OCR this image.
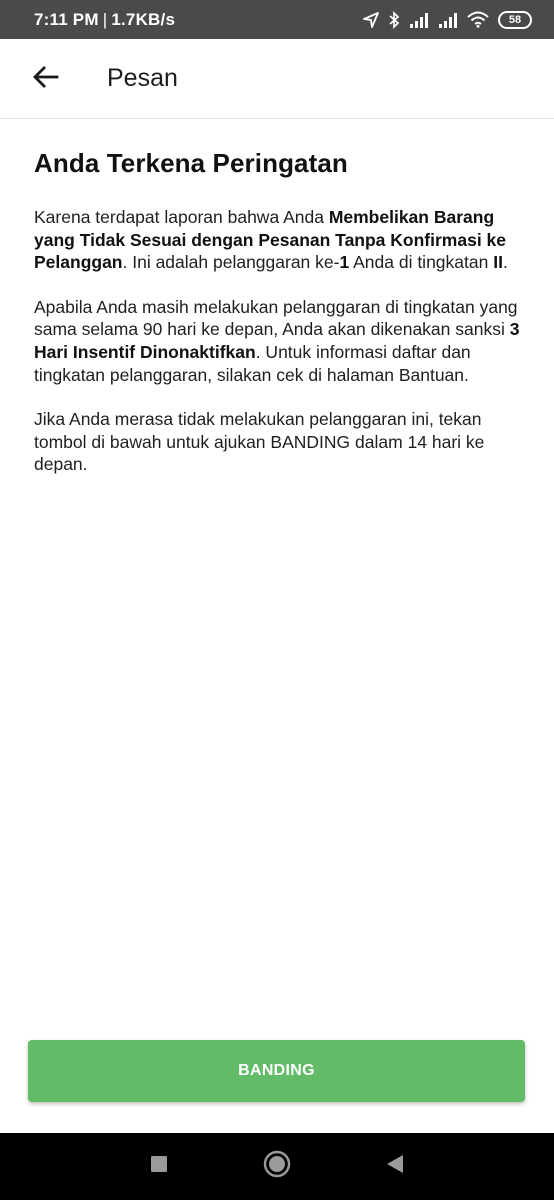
7:11 PM | 1.7KB/s	58
Pesan
Anda Terkena Peringatan

Karena terdapat laporan bahwa Anda Membelikan Barang yang Tidak Sesuai dengan Pesanan Tanpa Konfirmasi ke Pelanggan. Ini adalah pelanggaran ke-1 Anda di tingkatan II.

Apabila Anda masih melakukan pelanggaran di tingkatan yang sama selama 90 hari ke depan, Anda akan dikenakan sanksi 3 Hari Insentif Dinonaktifkan. Untuk informasi daftar dan tingkatan pelanggaran, silakan cek di halaman Bantuan.

Jika Anda merasa tidak melakukan pelanggaran ini, tekan tombol di bawah untuk ajukan BANDING dalam 14 hari ke depan.

BANDING
